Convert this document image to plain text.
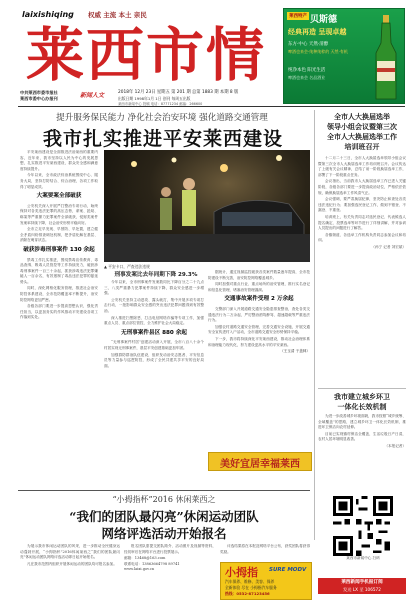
laixishiqing 权威 主流 本土 亲民
莱西市情
中共莱西市委市报社
莱西市委中心办报刊	新闻人文	2018年 12月 23日 星期五 第 201 期 总第 1883 期 本期 8 版
出版日期 1998年1月 1日 创刊 每周五出版
莱西市新闻中心 投稿 电话：87771234 邮编：266600
莱西特产 贝斯德
经典再造 呈现卓越
东方·中心 天然·清醇
啤酒也来会·纯种纯粹的 天然·有机
纯净本色 阳光生活
啤酒也来会 名品酒业
提升服务保民能力 净化社会治安环境 强化道路交通管理
我市扎实推进平安莱西建设

平安莱西建设是全面推进法治莱西的重要内容，近年来，我市坚持以人民为中心的发展思想，扎实推进平安莱西建设，群众安全感和满意度持续提升。

今年以来，全市政法综治系统围绕中心、服务大局，坚持打防结合、综合治理，各项工作取得了明显成效。

大案要案全部破获

公安机关深入开展严打整治专项行动，始终保持对各类违法犯罪的高压态势，命案、抢劫、绑架等严重暴力犯罪案件全部破获，侵财类案件发案率持续下降，社会治安形势平稳向好。

全市立足早发现、早预防、早处置，建立健全矛盾纠纷排查调处机制，把矛盾化解在基层、消除在萌芽状态。

破获涉毒刑事案件 130 余起

禁毒工作扎实推进，围绕禁毒宣传教育、毒品查缉、吸毒人员管控等工作持续发力，破获涉毒刑事案件一百三十余起，抓获涉毒违法犯罪嫌疑人一百余名，有效遏制了毒品违法犯罪的蔓延势头。

同时，深化网格化服务管理，推进社会治安防控体系建设，全市技防覆盖率不断提升，治安防控网络更加严密。

各级各部门要进一步提高思想认识，强化责任担当，以更加务实的作风推动平安建设各项工作落到实处。

▲ 平安卡口，严查违法违规
刑事发案比去年同期下降 29.3%

今年以来，全市刑事案件发案数同比下降百分之二十九点三，八类严重暴力犯罪案件持续下降，群众安全感进一步增强。

公安机关坚持主动进攻、露头就打，集中开展多项专项打击行动，一批影响群众安全感的突出违法犯罪问题得到有效整治。

深入推进扫黑除恶、打击电信网络诈骗等专项工作，加强重点人员、重点部位管控，全力维护社会大局稳定。

无刑事案件县区 880 余起

“无刑事案件村居”创建活动深入开展，全市八百八十余个村居实现无刑事案件，基层平安创建基础更加牢固。

加强群防群治队伍建设，组织发动治安志愿者、平安信息员等力量参与巡逻防控，形成了全民共建共享平安的良好局面。

据统计，通过视频监控破获各类案件数量逐年提高，全市技防建设不断完善，治安防控网络覆盖城乡。

同时加强对重点行业、重点场所的治安管理，推行实名登记和信息化管理，堵塞治安管理漏洞。

交通事故案件受理 2 万余起

交警部门深入开展道路交通安全隐患排查整治，查处各类交通违法行为二万余起，严厉整治酒驾醉驾、超速超载等严重违法行为。

加强农村道路交通安全管理，完善交通安全设施，开展交通安全宣传进村入户活动，全市道路交通安全形势保持平稳。

下一步，我市将持续深化平安莱西建设，推动社会治理体系和治理能力现代化，努力建设更高水平的平安莱西。

（王玉清 于盖林）
美好宜居幸福莱西
全市人大换届选举
领导小组会议暨第三次
全市人大换届选举工作
培训班召开

十二月二十三日，全市人大换届选举领导小组会议暨第三次全市人大换届选举工作培训班召开。会议传达了上级有关会议精神，总结了前一阶段换届选举工作，部署了下一阶段重点任务。

会议指出，当前我市人大换届选举工作已进入关键阶段，各级各部门要进一步提高政治站位，严格依法依规，确保换届选举工作风清气正。

会议强调，要严肃换届纪律，坚决防止和查处各类违法违纪行为；要加强选民登记工作，做到不错登、不漏登、不重登。

培训班上，有关负责同志对选民登记、代表候选人提名确定、投票选举等环节进行了详细讲解，并对参训人员提出的问题进行了解答。

各镇街道、各选举工作机构负责同志参加会议和培训。

（孙宁 记者 刘宏斌）
我市建立城乡环卫
一体化长效机制

为进一步改善城乡环境面貌，我市按照“城乡统筹、全域覆盖”的思路，建立城乡环卫一体化长效机制，推进环卫保洁向农村延伸。

目前已实现镇村保洁全覆盖，生活垃圾日产日清，农村人居环境明显改善。

（本报记者）
莱西市新闻中心 扫码
莱西新闻手机报订阅
发送 LX 至 106572
“小拇指杯”2016 休闲莱西之
“我们的团队最闪亮”休闲运动团队
网络评选活动开始报名

为展示我市休闲运动团队的风采，进一步推动全民健身运动蓬勃开展，“小拇指杯”2016休闲莱西之“我们的团队最闪亮”休闲运动团队网络评选活动即日起开始报名。

凡在我市范围内组织开展休闲运动的团队均可报名参加。

报名团队需提交团队简介、活动照片及视频等资料，经初审后在网络平台进行投票展示。

邮箱：13468@163.com
联系电话：13863664798 89741
www.laixi.gov.cn

评选结果将在本报及网络平台公布，获奖团队将获得奖励。

小拇指 SURE MODV
汽车保养、维修、美容、保养
全新体验 尽在 小拇指汽车服务
热线：0532-87123456
